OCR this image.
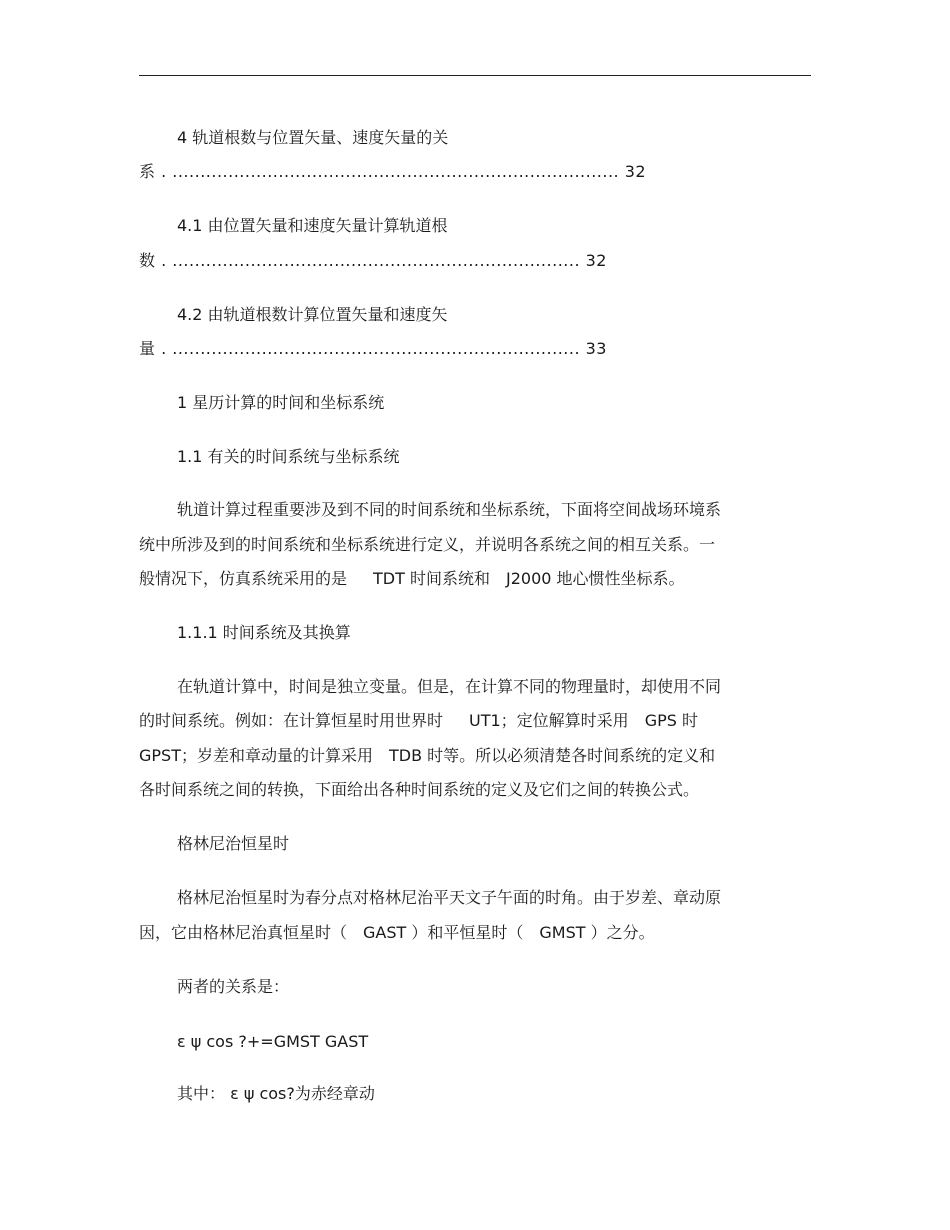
4 轨道根数与位置矢量、速度矢量的关
系 . ................................................................................ 32
4.1 由位置矢量和速度矢量计算轨道根
数 . ......................................................................... 32
4.2 由轨道根数计算位置矢量和速度矢
量 . ......................................................................... 33
1 星历计算的时间和坐标系统
1.1 有关的时间系统与坐标系统
轨道计算过程重要涉及到不同的时间系统和坐标系统，下面将空间战场环境系
统中所涉及到的时间系统和坐标系统进行定义，并说明各系统之间的相互关系。一
般情况下，仿真系统采用的是 TDT 时间系统和 J2000 地心惯性坐标系。
1.1.1 时间系统及其换算
在轨道计算中，时间是独立变量。但是，在计算不同的物理量时，却使用不同
的时间系统。例如：在计算恒星时用世界时 UT1；定位解算时采用 GPS 时
GPST；岁差和章动量的计算采用 TDB 时等。所以必须清楚各时间系统的定义和
各时间系统之间的转换，下面给出各种时间系统的定义及它们之间的转换公式。
格林尼治恒星时
格林尼治恒星时为春分点对格林尼治平天文子午面的时角。由于岁差、章动原
因，它由格林尼治真恒星时（ GAST ）和平恒星时（ GMST ）之分。
两者的关系是：
ε ψ cos ?+=GMST GAST
其中： ε ψ cos?为赤经章动
